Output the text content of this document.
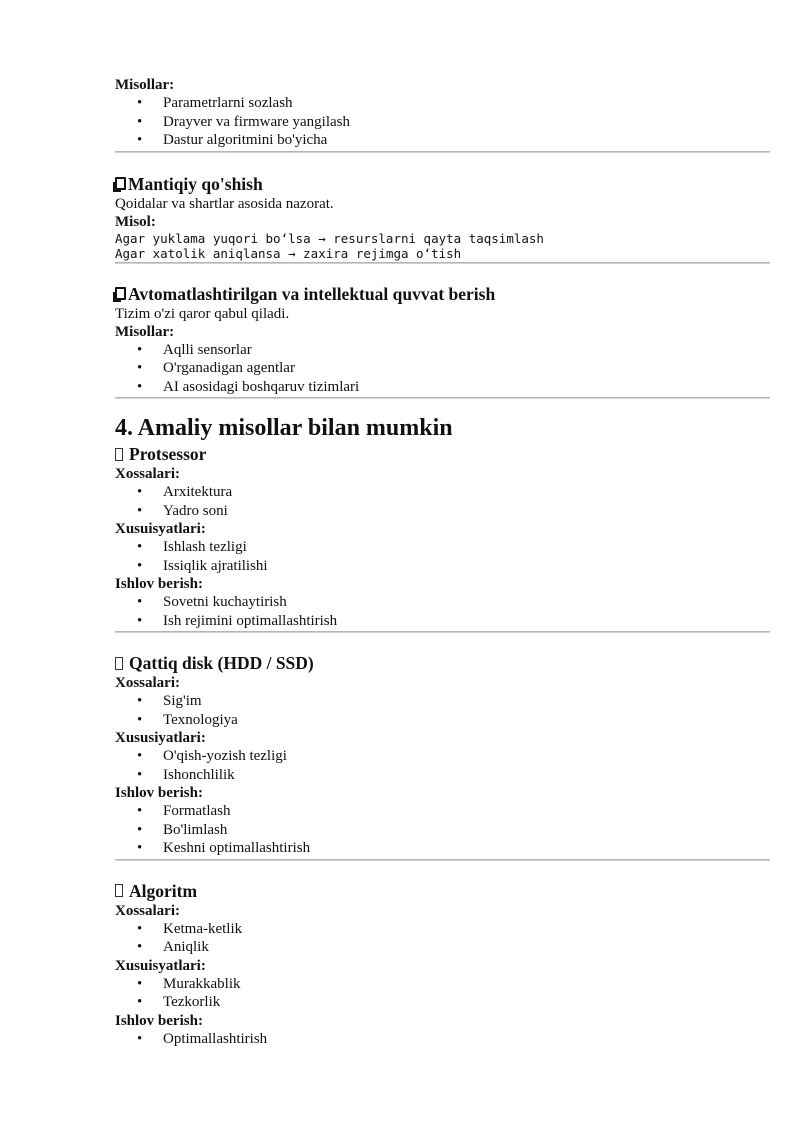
Misollar:

• Parametrlarni sozlash
• Drayver va firmware yangilash
• Dastur algoritmini bo'yicha
Mantiqiy qo'shish

Qoidalar va shartlar asosida nazorat.

Misol:

Agar yuklama yuqori boʻlsa → resurslarni qayta taqsimlash
Agar xatolik aniqlansa → zaxira rejimga oʻtish
Avtomatlashtirilgan va intellektual quvvat berish

Tizim o'zi qaror qabul qiladi.

Misollar:

• Aqlli sensorlar
• O'rganadigan agentlar
• AI asosidagi boshqaruv tizimlari
4. Amaliy misollar bilan mumkin
Protsessor

Xossalari:

• Arxitektura
• Yadro soni

Xusuisyatlari:

• Ishlash tezligi
• Issiqlik ajratilishi

Ishlov berish:

• Sovetni kuchaytirish
• Ish rejimini optimallashtirish
Qattiq disk (HDD / SSD)

Xossalari:

• Sig'im
• Texnologiya

Xususiyatlari:

• O'qish-yozish tezligi
• Ishonchlilik

Ishlov berish:

• Formatlash
• Bo'limlash
• Keshni optimallashtirish
Algoritm

Xossalari:

• Ketma-ketlik
• Aniqlik

Xusuisyatlari:

• Murakkablik
• Tezkorlik

Ishlov berish:

• Optimallashtirish
